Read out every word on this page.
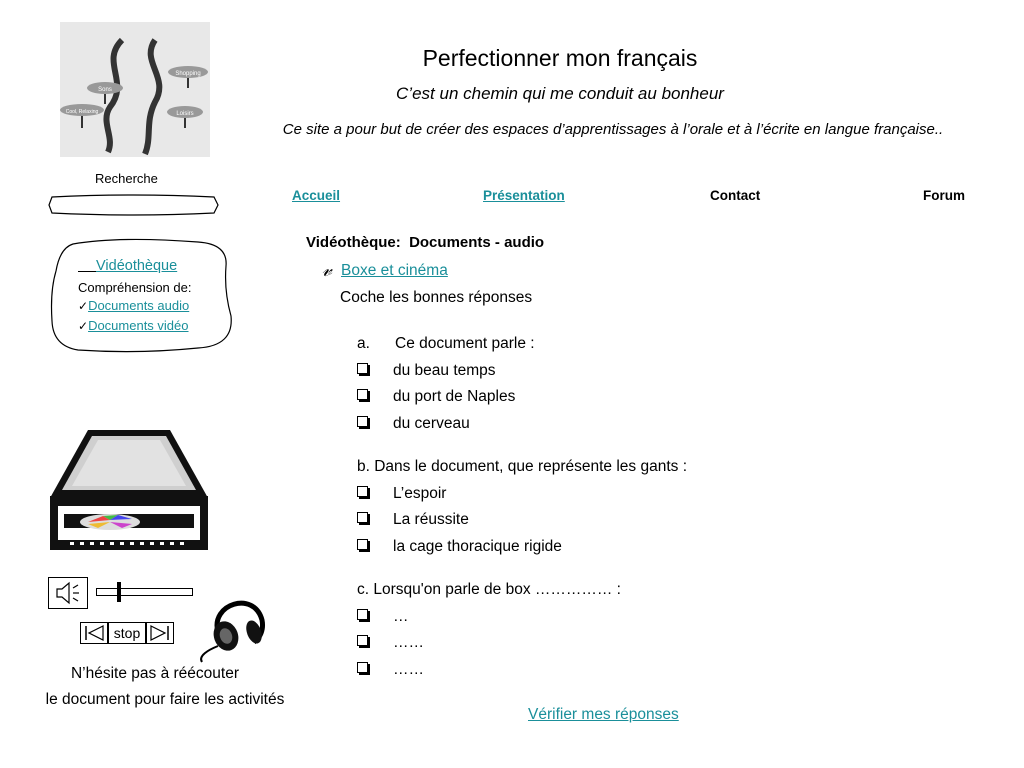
Shopping
Sons
Cool, Relaxing	Loisirs
Perfectionner mon français
C’est un chemin qui me conduit au bonheur
Ce site a pour but de créer des espaces d’apprentissages à l’orale et à l’écrite en langue française..
Recherche
Accueil	Présentation	Contact	Forum
Vidéothèque
Compréhension de:
✓Documents audio
✓Documents vidéo
stop
N’hésite pas à réécouter
le document pour faire les activités
Vidéothèque:  Documents - audio
𝓋 Boxe et cinéma
Coche les bonnes réponses
a. Ce document parle :
du beau temps
du port de Naples
du cerveau
b. Dans le document, que représente les gants :
L’espoir
La réussite
la cage thoracique rigide
c. Lorsqu'on parle de box …………… :
…
……
……
Vérifier mes réponses
